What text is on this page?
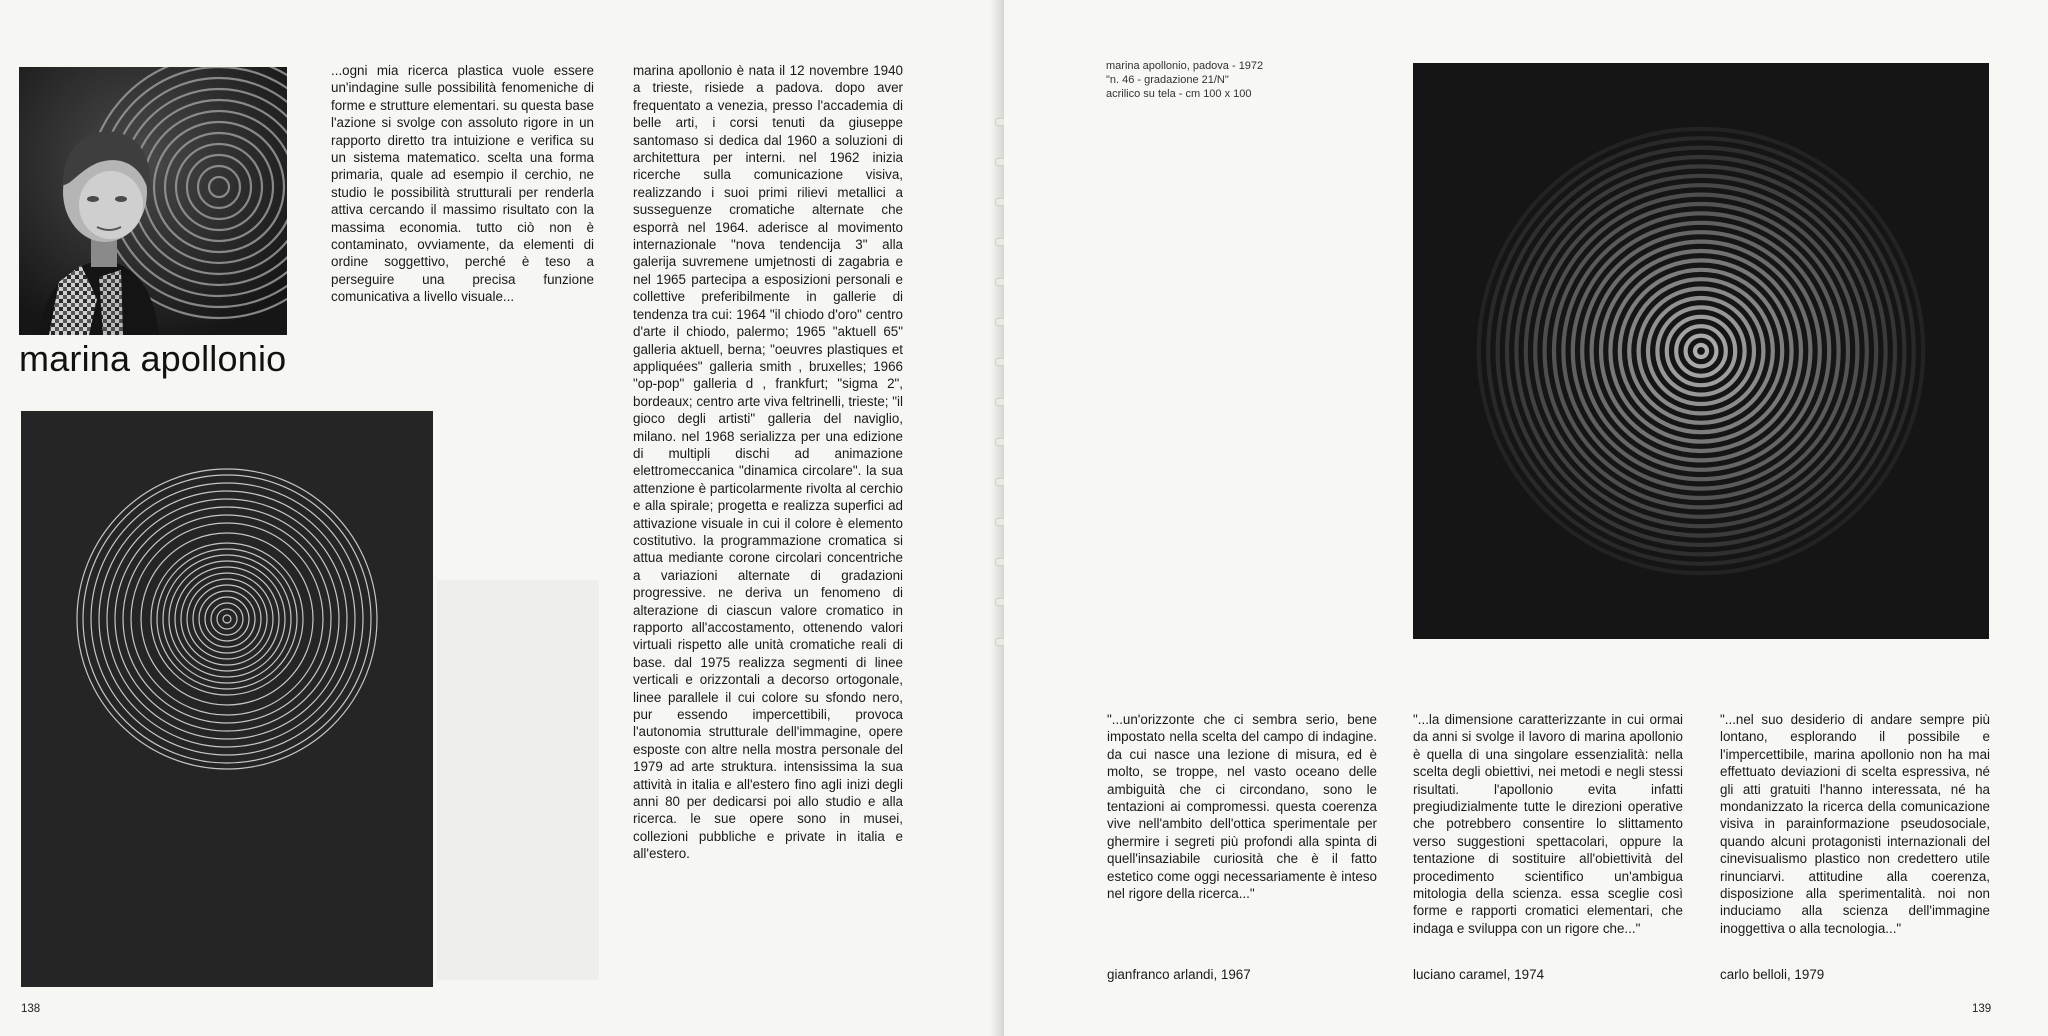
marina apollonio
...ogni mia ricerca plastica vuole essere un'indagine sulle possibilità fenomeniche di forme e strutture elementari. su questa base l'azione si svolge con assoluto rigore in un rapporto diretto tra intuizione e verifica su un sistema matematico. scelta una forma primaria, quale ad esempio il cerchio, ne studio le possibilità strutturali per renderla attiva cercando il massimo risultato con la massima economia. tutto ciò non è contaminato, ovviamente, da elementi di ordine soggettivo, perché è teso a perseguire una precisa funzione comunicativa a livello visuale...
marina apollonio è nata il 12 novembre 1940 a trieste, risiede a padova. dopo aver frequentato a venezia, presso l'accademia di belle arti, i corsi tenuti da giuseppe santomaso si dedica dal 1960 a soluzioni di architettura per interni. nel 1962 inizia ricerche sulla comunicazione visiva, realizzando i suoi primi rilievi metallici a susseguenze cromatiche alternate che esporrà nel 1964. aderisce al movimento internazionale "nova tendencija 3" alla galerija suvremene umjetnosti di zagabria e nel 1965 partecipa a esposizioni personali e collettive preferibilmente in gallerie di tendenza tra cui: 1964 "il chiodo d'oro" centro d'arte il chiodo, palermo; 1965 "aktuell 65" galleria aktuell, berna; "oeuvres plastiques et appliquées" galleria smith , bruxelles; 1966 "op-pop" galleria d , frankfurt; "sigma 2", bordeaux; centro arte viva feltrinelli, trieste; "il gioco degli artisti" galleria del naviglio, milano. nel 1968 serializza per una edizione di multipli dischi ad animazione elettromeccanica "dinamica circolare". la sua attenzione è particolarmente rivolta al cerchio e alla spirale; progetta e realizza superfici ad attivazione visuale in cui il colore è elemento costitutivo. la programmazione cromatica si attua mediante corone circolari concentriche a variazioni alternate di gradazioni progressive. ne deriva un fenomeno di alterazione di ciascun valore cromatico in rapporto all'accostamento, ottenendo valori virtuali rispetto alle unità cromatiche reali di base. dal 1975 realizza segmenti di linee verticali e orizzontali a decorso ortogonale, linee parallele il cui colore su sfondo nero, pur essendo impercettibili, provoca l'autonomia strutturale dell'immagine, opere esposte con altre nella mostra personale del 1979 ad arte struktura. intensissima la sua attività in italia e all'estero fino agli inizi degli anni 80 per dedicarsi poi allo studio e alla ricerca. le sue opere sono in musei, collezioni pubbliche e private in italia e all'estero.
138	139
marina apollonio, padova - 1972
"n. 46 - gradazione 21/N"
acrilico su tela - cm 100 x 100
"...un'orizzonte che ci sembra serio, bene impostato nella scelta del campo di indagine. da cui nasce una lezione di misura, ed è molto, se troppe, nel vasto oceano delle ambiguità che ci circondano, sono le tentazioni ai compromessi. questa coerenza vive nell'ambito dell'ottica sperimentale per ghermire i segreti più profondi alla spinta di quell'insaziabile curiosità che è il fatto estetico come oggi necessariamente è inteso nel rigore della ricerca..."
"...la dimensione caratterizzante in cui ormai da anni si svolge il lavoro di marina apollonio è quella di una singolare essenzialità: nella scelta degli obiettivi, nei metodi e negli stessi risultati. l'apollonio evita infatti pregiudizialmente tutte le direzioni operative che potrebbero consentire lo slittamento verso suggestioni spettacolari, oppure la tentazione di sostituire all'obiettività del procedimento scientifico un'ambigua mitologia della scienza. essa sceglie così forme e rapporti cromatici elementari, che indaga e sviluppa con un rigore che..."
"...nel suo desiderio di andare sempre più lontano, esplorando il possibile e l'impercettibile, marina apollonio non ha mai effettuato deviazioni di scelta espressiva, né gli atti gratuiti l'hanno interessata, né ha mondanizzato la ricerca della comunicazione visiva in parainformazione pseudosociale, quando alcuni protagonisti internazionali del cinevisualismo plastico non credettero utile rinunciarvi. attitudine alla coerenza, disposizione alla sperimentalità. noi non induciamo alla scienza dell'immagine inoggettiva o alla tecnologia..."
gianfranco arlandi, 1967	luciano caramel, 1974	carlo belloli, 1979
